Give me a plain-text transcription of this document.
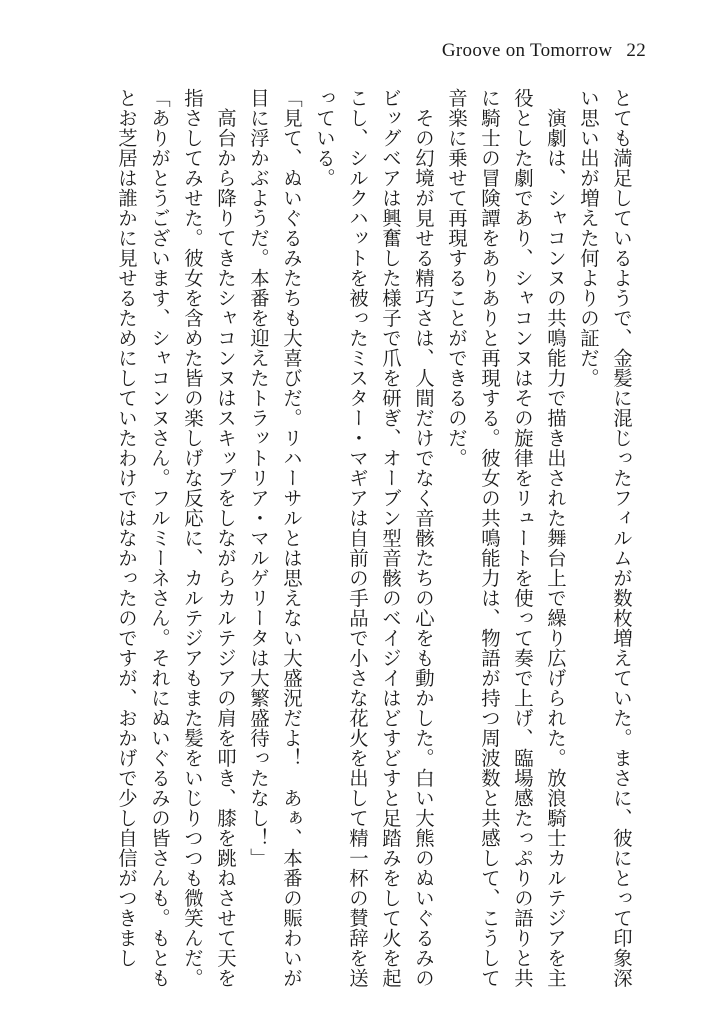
Groove on Tomorrow 22

とても満足しているようで、金髪に混じったフィルムが数枚増えていた。まさに、彼にとって印象深い思い出が増えた何よりの証だ。

　演劇は、シャコンヌの共鳴能力で描き出された舞台上で繰り広げられた。放浪騎士カルテジアを主役とした劇であり、シャコンヌはその旋律をリュートを使って奏で上げ、臨場感たっぷりの語りと共に騎士の冒険譚をありありと再現する。彼女の共鳴能力は、物語が持つ周波数と共感して、こうして音楽に乗せて再現することができるのだ。

　その幻境が見せる精巧さは、人間だけでなく音骸たちの心をも動かした。白い大熊のぬいぐるみのビッグベアは興奮した様子で爪を研ぎ、オーブン型音骸のベイジイはどすどすと足踏みをして火を起こし、シルクハットを被ったミスター・マギアは自前の手品で小さな花火を出して精一杯の賛辞を送っている。

「見て、ぬいぐるみたちも大喜びだ。リハーサルとは思えない大盛況だよ！　あぁ、本番の賑わいが目に浮かぶようだ。本番を迎えたトラットリア・マルゲリータは大繁盛待ったなし！」

　高台から降りてきたシャコンヌはスキップをしながらカルテジアの肩を叩き、膝を跳ねさせて天を指さしてみせた。彼女を含めた皆の楽しげな反応に、カルテジアもまた髪をいじりつつも微笑んだ。

「ありがとうございます、シャコンヌさん。フルミーネさん。それにぬいぐるみの皆さんも。もともとお芝居は誰かに見せるためにしていたわけではなかったのですが、おかげで少し自信がつきまし
